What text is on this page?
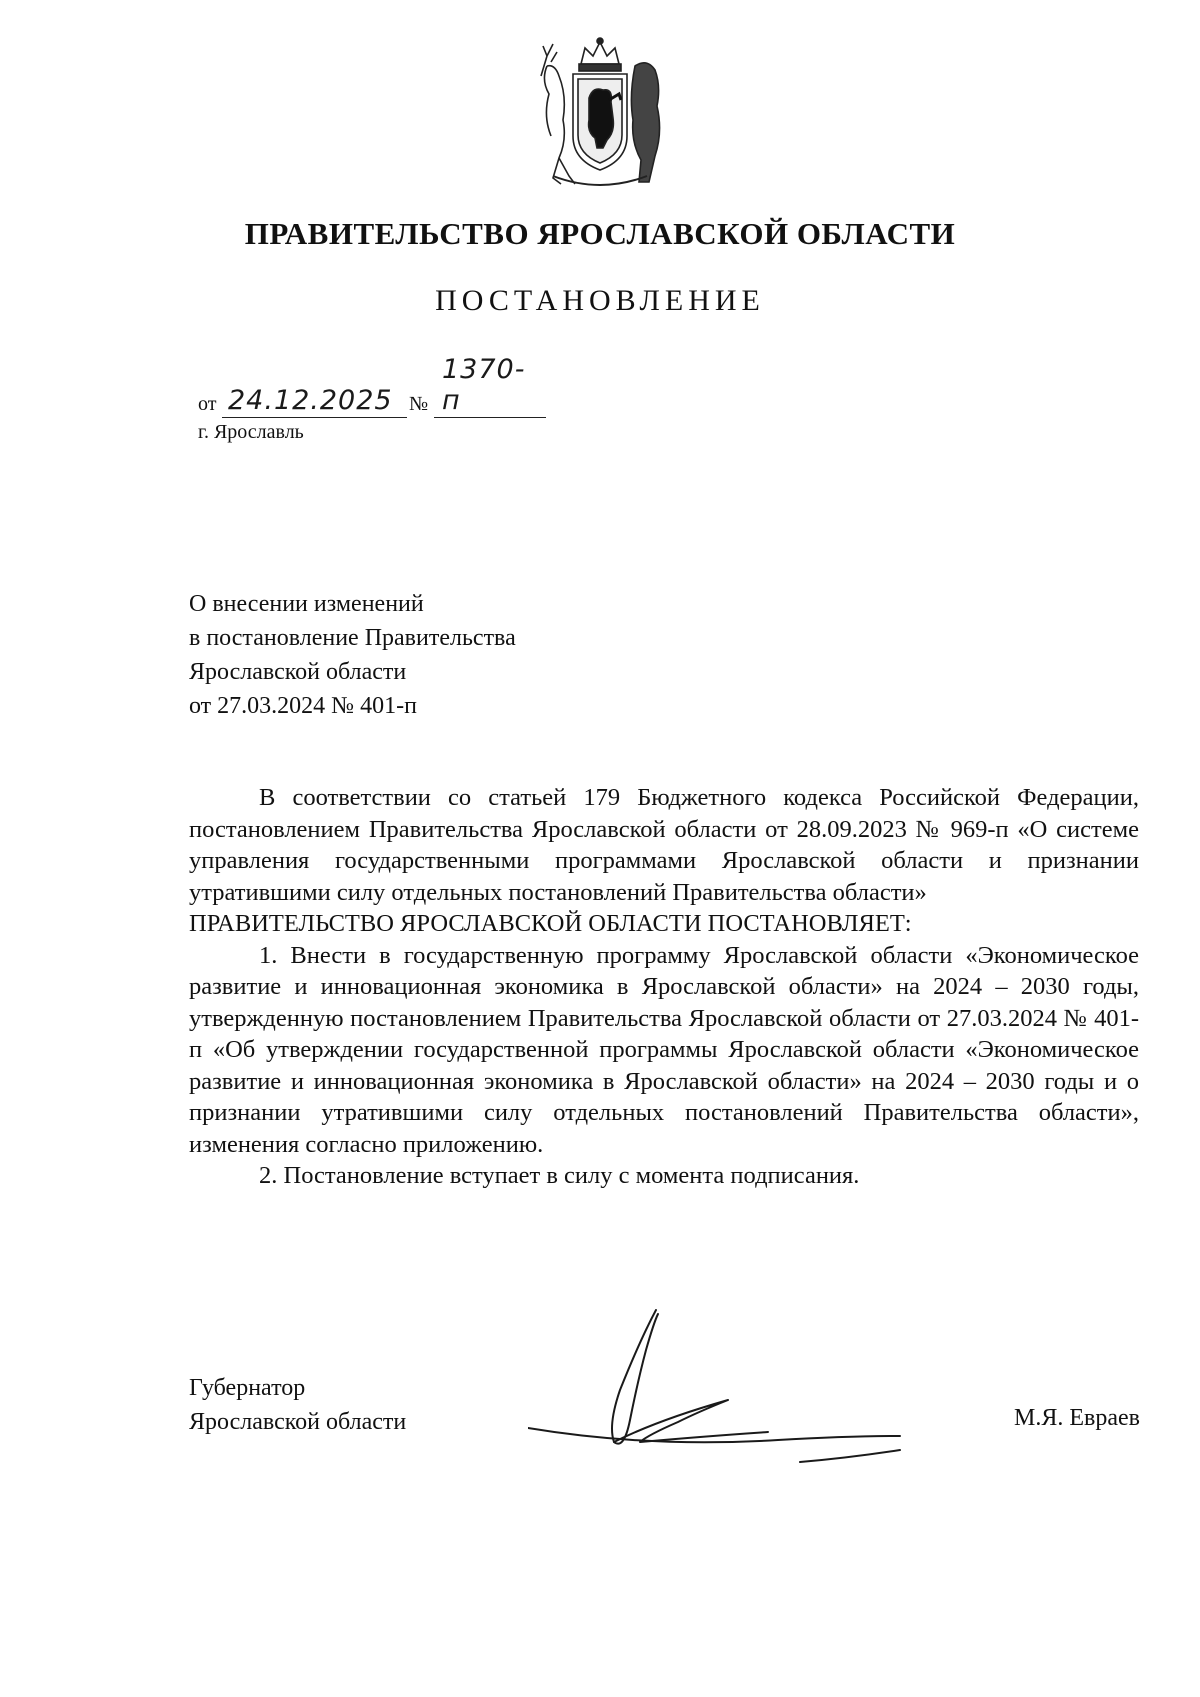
ПРАВИТЕЛЬСТВО ЯРОСЛАВСКОЙ ОБЛАСТИ
ПОСТАНОВЛЕНИЕ
от 24.12.2025 №
1370-п
г. Ярославль
О внесении изменений
в постановление Правительства
Ярославской области
от 27.03.2024 № 401-п

В соответствии со статьей 179 Бюджетного кодекса Российской Федерации, постановлением Правительства Ярославской области от 28.09.2023 № 969-п «О системе управления государственными программами Ярославской области и признании утратившими силу отдельных постановлений Правительства области»

ПРАВИТЕЛЬСТВО ЯРОСЛАВСКОЙ ОБЛАСТИ ПОСТАНОВЛЯЕТ:

1. Внести в государственную программу Ярославской области «Экономическое развитие и инновационная экономика в Ярославской области» на 2024 – 2030 годы, утвержденную постановлением Правительства Ярославской области от 27.03.2024 № 401-п «Об утверждении государственной программы Ярославской области «Экономическое развитие и инновационная экономика в Ярославской области» на 2024 – 2030 годы и о признании утратившими силу отдельных постановлений Правительства области», изменения согласно приложению.

2. Постановление вступает в силу с момента подписания.

Губернатор
Ярославской области	М.Я. Евраев
